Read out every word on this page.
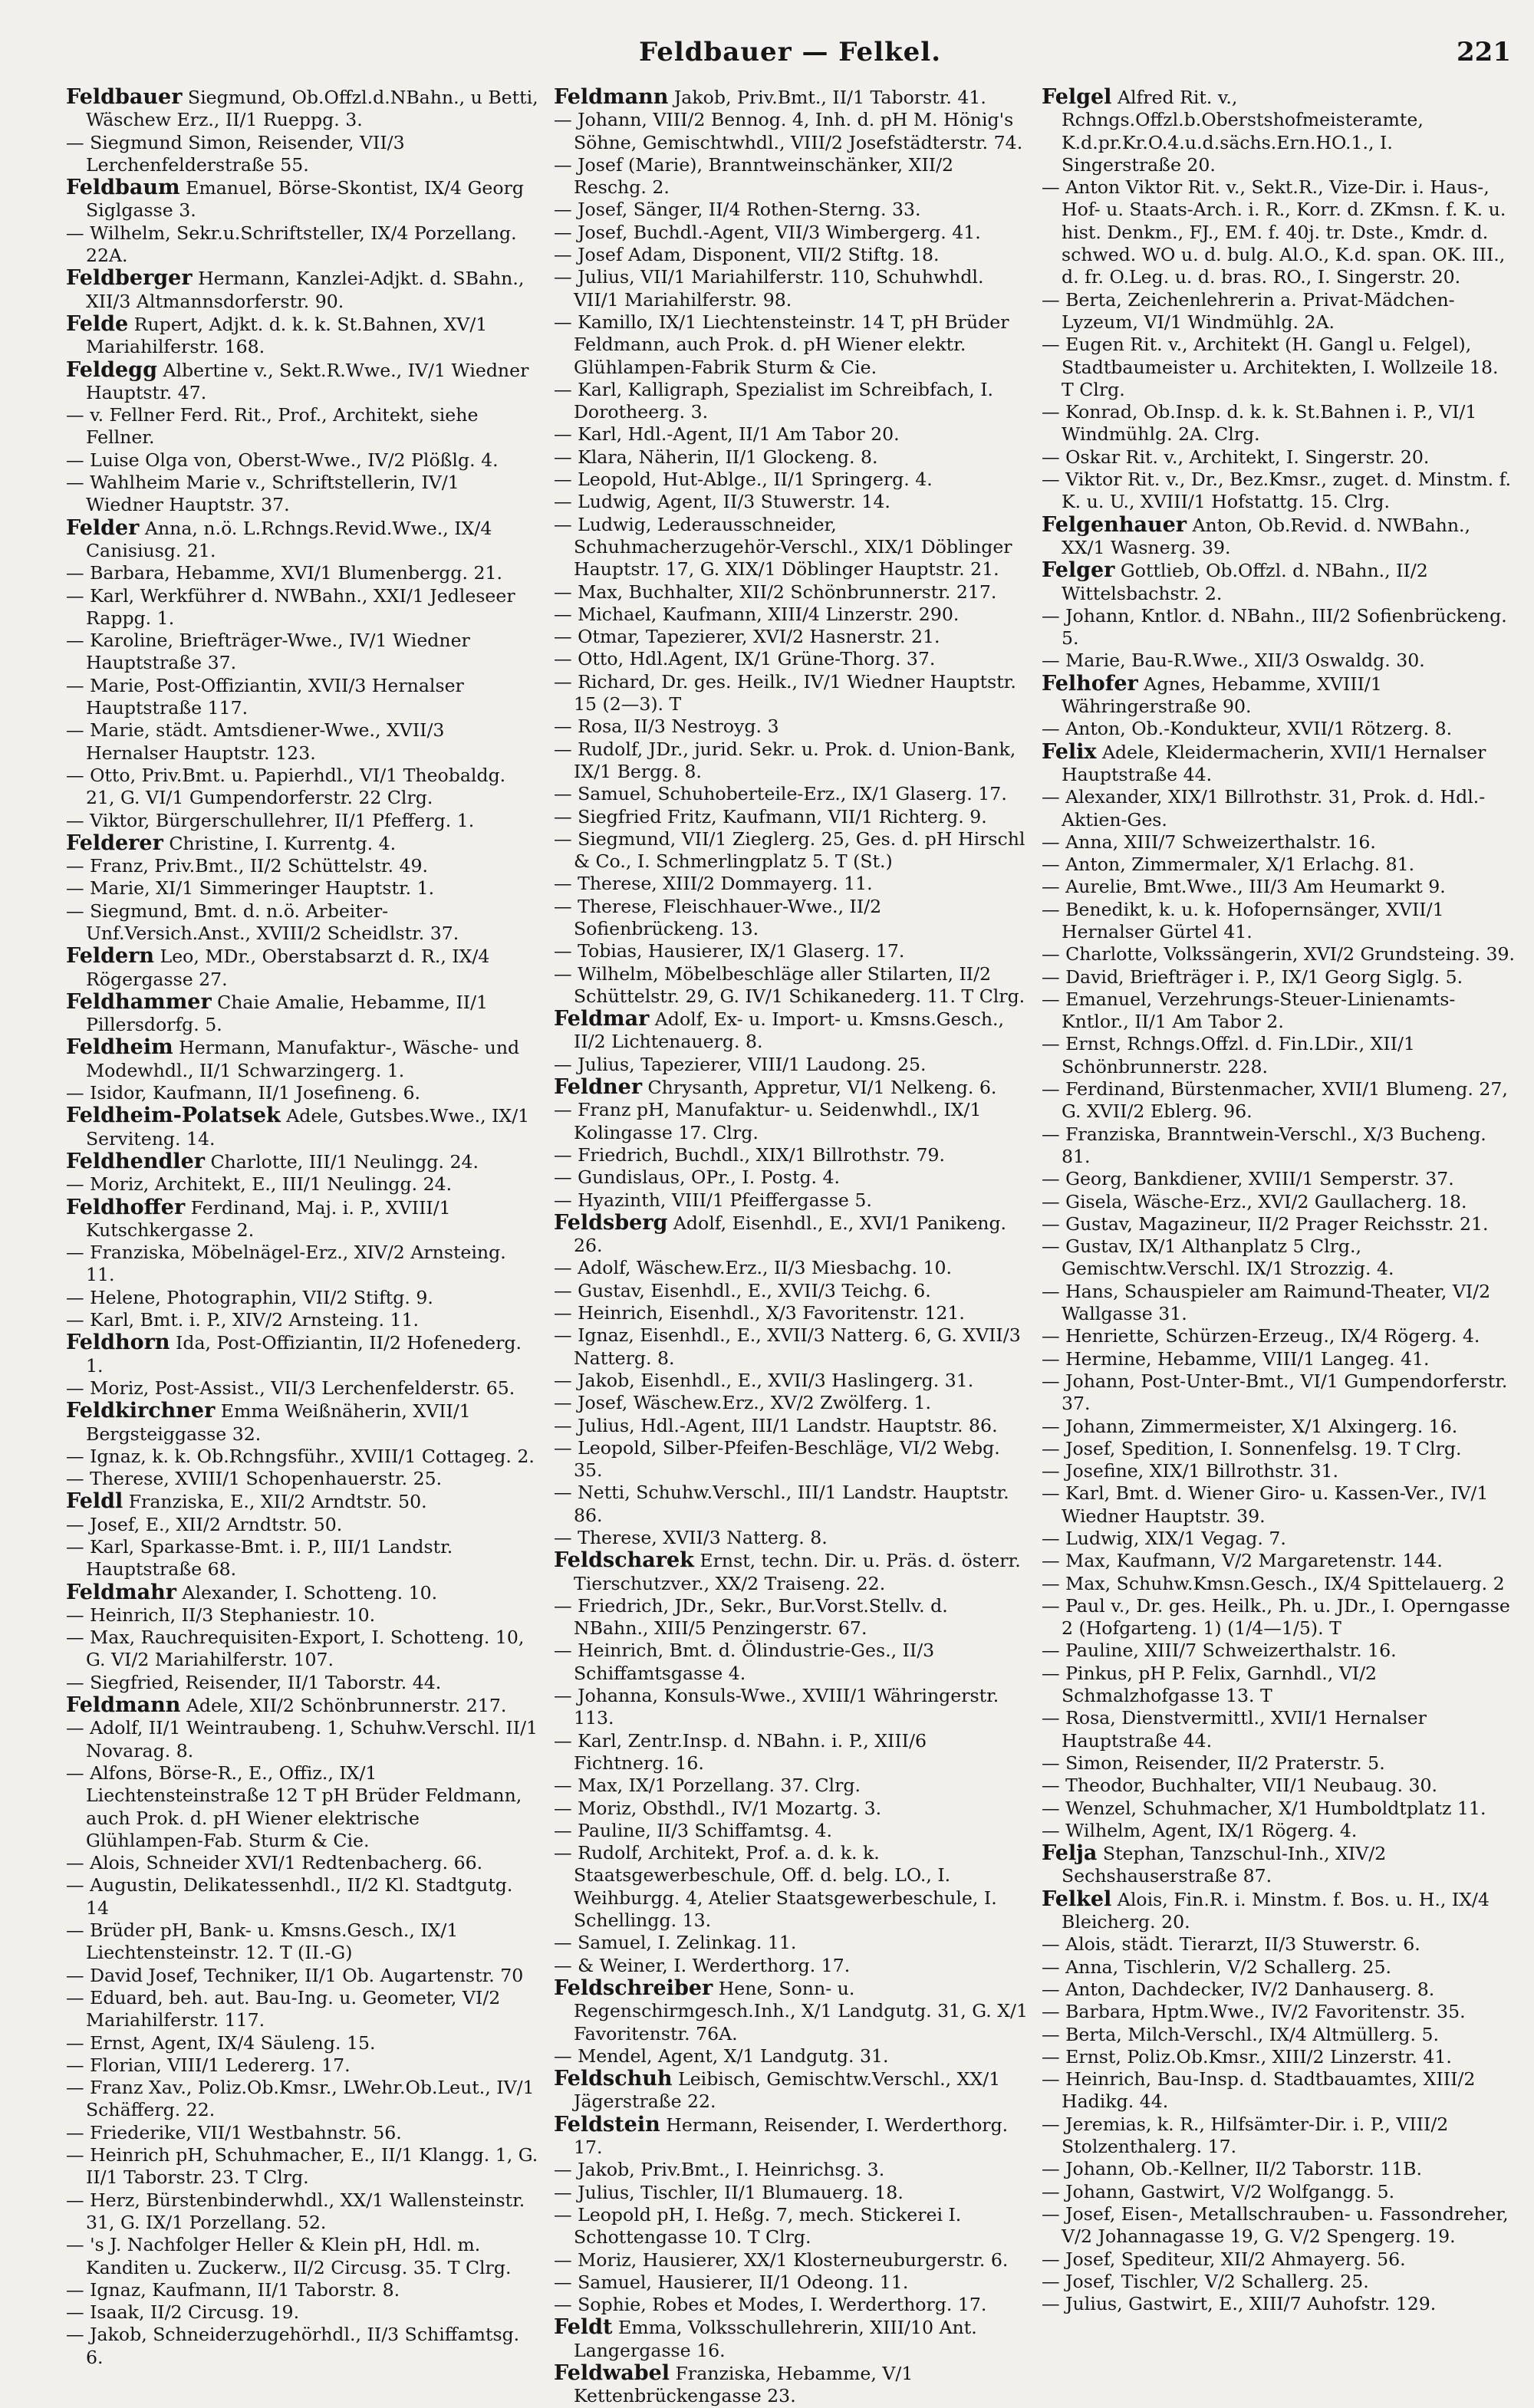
Feldbauer — Felkel.	221

Feldbauer Siegmund, Ob.Offzl.d.NBahn., u Betti, Wäschew Erz., II/1 Rueppg. 3.

— Siegmund Simon, Reisender, VII/3 Lerchenfelderstraße 55.

Feldbaum Emanuel, Börse-Skontist, IX/4 Georg Siglgasse 3.

— Wilhelm, Sekr.u.Schriftsteller, IX/4 Porzellang. 22A.

Feldberger Hermann, Kanzlei-Adjkt. d. SBahn., XII/3 Altmannsdorferstr. 90.

Felde Rupert, Adjkt. d. k. k. St.Bahnen, XV/1 Mariahilferstr. 168.

Feldegg Albertine v., Sekt.R.Wwe., IV/1 Wiedner Hauptstr. 47.

— v. Fellner Ferd. Rit., Prof., Architekt, siehe Fellner.

— Luise Olga von, Oberst-Wwe., IV/2 Plößlg. 4.

— Wahlheim Marie v., Schriftstellerin, IV/1 Wiedner Hauptstr. 37.

Felder Anna, n.ö. L.Rchngs.Revid.Wwe., IX/4 Canisiusg. 21.

— Barbara, Hebamme, XVI/1 Blumenbergg. 21.

— Karl, Werkführer d. NWBahn., XXI/1 Jedleseer Rappg. 1.

— Karoline, Briefträger-Wwe., IV/1 Wiedner Hauptstraße 37.

— Marie, Post-Offiziantin, XVII/3 Hernalser Hauptstraße 117.

— Marie, städt. Amtsdiener-Wwe., XVII/3 Hernalser Hauptstr. 123.

— Otto, Priv.Bmt. u. Papierhdl., VI/1 Theobaldg. 21, G. VI/1 Gumpendorferstr. 22 Clrg.

— Viktor, Bürgerschullehrer, II/1 Pfefferg. 1.

Felderer Christine, I. Kurrentg. 4.

— Franz, Priv.Bmt., II/2 Schüttelstr. 49.

— Marie, XI/1 Simmeringer Hauptstr. 1.

— Siegmund, Bmt. d. n.ö. Arbeiter-Unf.Versich.Anst., XVIII/2 Scheidlstr. 37.

Feldern Leo, MDr., Oberstabsarzt d. R., IX/4 Rögergasse 27.

Feldhammer Chaie Amalie, Hebamme, II/1 Pillersdorfg. 5.

Feldheim Hermann, Manufaktur-, Wäsche- und Modewhdl., II/1 Schwarzingerg. 1.

— Isidor, Kaufmann, II/1 Josefineng. 6.

Feldheim-Polatsek Adele, Gutsbes.Wwe., IX/1 Serviteng. 14.

Feldhendler Charlotte, III/1 Neulingg. 24.

— Moriz, Architekt, E., III/1 Neulingg. 24.

Feldhoffer Ferdinand, Maj. i. P., XVIII/1 Kutschkergasse 2.

— Franziska, Möbelnägel-Erz., XIV/2 Arnsteing. 11.

— Helene, Photographin, VII/2 Stiftg. 9.

— Karl, Bmt. i. P., XIV/2 Arnsteing. 11.

Feldhorn Ida, Post-Offiziantin, II/2 Hofenederg. 1.

— Moriz, Post-Assist., VII/3 Lerchenfelderstr. 65.

Feldkirchner Emma Weißnäherin, XVII/1 Bergsteiggasse 32.

— Ignaz, k. k. Ob.Rchngsführ., XVIII/1 Cottageg. 2.

— Therese, XVIII/1 Schopenhauerstr. 25.

Feldl Franziska, E., XII/2 Arndtstr. 50.

— Josef, E., XII/2 Arndtstr. 50.

— Karl, Sparkasse-Bmt. i. P., III/1 Landstr. Hauptstraße 68.

Feldmahr Alexander, I. Schotteng. 10.

— Heinrich, II/3 Stephaniestr. 10.

— Max, Rauchrequisiten-Export, I. Schotteng. 10, G. VI/2 Mariahilferstr. 107.

— Siegfried, Reisender, II/1 Taborstr. 44.

Feldmann Adele, XII/2 Schönbrunnerstr. 217.

— Adolf, II/1 Weintraubeng. 1, Schuhw.Verschl. II/1 Novarag. 8.

— Alfons, Börse-R., E., Offiz., IX/1 Liechtensteinstraße 12 T pH Brüder Feldmann, auch Prok. d. pH Wiener elektrische Glühlampen-Fab. Sturm & Cie.

— Alois, Schneider XVI/1 Redtenbacherg. 66.

— Augustin, Delikatessenhdl., II/2 Kl. Stadtgutg. 14

— Brüder pH, Bank- u. Kmsns.Gesch., IX/1 Liechtensteinstr. 12. T (II.-G)

— David Josef, Techniker, II/1 Ob. Augartenstr. 70

— Eduard, beh. aut. Bau-Ing. u. Geometer, VI/2 Mariahilferstr. 117.

— Ernst, Agent, IX/4 Säuleng. 15.

— Florian, VIII/1 Ledererg. 17.

— Franz Xav., Poliz.Ob.Kmsr., LWehr.Ob.Leut., IV/1 Schäfferg. 22.

— Friederike, VII/1 Westbahnstr. 56.

— Heinrich pH, Schuhmacher, E., II/1 Klangg. 1, G. II/1 Taborstr. 23. T Clrg.

— Herz, Bürstenbinderwhdl., XX/1 Wallensteinstr. 31, G. IX/1 Porzellang. 52.

— 's J. Nachfolger Heller & Klein pH, Hdl. m. Kanditen u. Zuckerw., II/2 Circusg. 35. T Clrg.

— Ignaz, Kaufmann, II/1 Taborstr. 8.

— Isaak, II/2 Circusg. 19.

— Jakob, Schneiderzugehörhdl., II/3 Schiffamtsg. 6.

Feldmann Jakob, Priv.Bmt., II/1 Taborstr. 41.

— Johann, VIII/2 Bennog. 4, Inh. d. pH M. Hönig's Söhne, Gemischtwhdl., VIII/2 Josefstädterstr. 74.

— Josef (Marie), Branntweinschänker, XII/2 Reschg. 2.

— Josef, Sänger, II/4 Rothen-Sterng. 33.

— Josef, Buchdl.-Agent, VII/3 Wimbergerg. 41.

— Josef Adam, Disponent, VII/2 Stiftg. 18.

— Julius, VII/1 Mariahilferstr. 110, Schuhwhdl. VII/1 Mariahilferstr. 98.

— Kamillo, IX/1 Liechtensteinstr. 14 T, pH Brüder Feldmann, auch Prok. d. pH Wiener elektr. Glühlampen-Fabrik Sturm & Cie.

— Karl, Kalligraph, Spezialist im Schreibfach, I. Dorotheerg. 3.

— Karl, Hdl.-Agent, II/1 Am Tabor 20.

— Klara, Näherin, II/1 Glockeng. 8.

— Leopold, Hut-Ablge., II/1 Springerg. 4.

— Ludwig, Agent, II/3 Stuwerstr. 14.

— Ludwig, Lederausschneider, Schuhmacherzugehör-Verschl., XIX/1 Döblinger Hauptstr. 17, G. XIX/1 Döblinger Hauptstr. 21.

— Max, Buchhalter, XII/2 Schönbrunnerstr. 217.

— Michael, Kaufmann, XIII/4 Linzerstr. 290.

— Otmar, Tapezierer, XVI/2 Hasnerstr. 21.

— Otto, Hdl.Agent, IX/1 Grüne-Thorg. 37.

— Richard, Dr. ges. Heilk., IV/1 Wiedner Hauptstr. 15 (2—3). T

— Rosa, II/3 Nestroyg. 3

— Rudolf, JDr., jurid. Sekr. u. Prok. d. Union-Bank, IX/1 Bergg. 8.

— Samuel, Schuhoberteile-Erz., IX/1 Glaserg. 17.

— Siegfried Fritz, Kaufmann, VII/1 Richterg. 9.

— Siegmund, VII/1 Zieglerg. 25, Ges. d. pH Hirschl & Co., I. Schmerlingplatz 5. T (St.)

— Therese, XIII/2 Dommayerg. 11.

— Therese, Fleischhauer-Wwe., II/2 Sofienbrückeng. 13.

— Tobias, Hausierer, IX/1 Glaserg. 17.

— Wilhelm, Möbelbeschläge aller Stilarten, II/2 Schüttelstr. 29, G. IV/1 Schikanederg. 11. T Clrg.

Feldmar Adolf, Ex- u. Import- u. Kmsns.Gesch., II/2 Lichtenauerg. 8.

— Julius, Tapezierer, VIII/1 Laudong. 25.

Feldner Chrysanth, Appretur, VI/1 Nelkeng. 6.

— Franz pH, Manufaktur- u. Seidenwhdl., IX/1 Kolingasse 17. Clrg.

— Friedrich, Buchdl., XIX/1 Billrothstr. 79.

— Gundislaus, OPr., I. Postg. 4.

— Hyazinth, VIII/1 Pfeiffergasse 5.

Feldsberg Adolf, Eisenhdl., E., XVI/1 Panikeng. 26.

— Adolf, Wäschew.Erz., II/3 Miesbachg. 10.

— Gustav, Eisenhdl., E., XVII/3 Teichg. 6.

— Heinrich, Eisenhdl., X/3 Favoritenstr. 121.

— Ignaz, Eisenhdl., E., XVII/3 Natterg. 6, G. XVII/3 Natterg. 8.

— Jakob, Eisenhdl., E., XVII/3 Haslingerg. 31.

— Josef, Wäschew.Erz., XV/2 Zwölferg. 1.

— Julius, Hdl.-Agent, III/1 Landstr. Hauptstr. 86.

— Leopold, Silber-Pfeifen-Beschläge, VI/2 Webg. 35.

— Netti, Schuhw.Verschl., III/1 Landstr. Hauptstr. 86.

— Therese, XVII/3 Natterg. 8.

Feldscharek Ernst, techn. Dir. u. Präs. d. österr. Tierschutzver., XX/2 Traiseng. 22.

— Friedrich, JDr., Sekr., Bur.Vorst.Stellv. d. NBahn., XIII/5 Penzingerstr. 67.

— Heinrich, Bmt. d. Ölindustrie-Ges., II/3 Schiffamtsgasse 4.

— Johanna, Konsuls-Wwe., XVIII/1 Währingerstr. 113.

— Karl, Zentr.Insp. d. NBahn. i. P., XIII/6 Fichtnerg. 16.

— Max, IX/1 Porzellang. 37. Clrg.

— Moriz, Obsthdl., IV/1 Mozartg. 3.

— Pauline, II/3 Schiffamtsg. 4.

— Rudolf, Architekt, Prof. a. d. k. k. Staatsgewerbeschule, Off. d. belg. LO., I. Weihburgg. 4, Atelier Staatsgewerbeschule, I. Schellingg. 13.

— Samuel, I. Zelinkag. 11.

— & Weiner, I. Werderthorg. 17.

Feldschreiber Hene, Sonn- u. Regenschirmgesch.Inh., X/1 Landgutg. 31, G. X/1 Favoritenstr. 76A.

— Mendel, Agent, X/1 Landgutg. 31.

Feldschuh Leibisch, Gemischtw.Verschl., XX/1 Jägerstraße 22.

Feldstein Hermann, Reisender, I. Werderthorg. 17.

— Jakob, Priv.Bmt., I. Heinrichsg. 3.

— Julius, Tischler, II/1 Blumauerg. 18.

— Leopold pH, I. Heßg. 7, mech. Stickerei I. Schottengasse 10. T Clrg.

— Moriz, Hausierer, XX/1 Klosterneuburgerstr. 6.

— Samuel, Hausierer, II/1 Odeong. 11.

— Sophie, Robes et Modes, I. Werderthorg. 17.

Feldt Emma, Volksschullehrerin, XIII/10 Ant. Langergasse 16.

Feldwabel Franziska, Hebamme, V/1 Kettenbrückengasse 23.

Felgel Alfred Rit. v., Rchngs.Offzl.b.Oberstshofmeisteramte, K.d.pr.Kr.O.4.u.d.sächs.Ern.HO.1., I. Singerstraße 20.

— Anton Viktor Rit. v., Sekt.R., Vize-Dir. i. Haus-, Hof- u. Staats-Arch. i. R., Korr. d. ZKmsn. f. K. u. hist. Denkm., FJ., EM. f. 40j. tr. Dste., Kmdr. d. schwed. WO u. d. bulg. Al.O., K.d. span. OK. III., d. fr. O.Leg. u. d. bras. RO., I. Singerstr. 20.

— Berta, Zeichenlehrerin a. Privat-Mädchen-Lyzeum, VI/1 Windmühlg. 2A.

— Eugen Rit. v., Architekt (H. Gangl u. Felgel), Stadtbaumeister u. Architekten, I. Wollzeile 18. T Clrg.

— Konrad, Ob.Insp. d. k. k. St.Bahnen i. P., VI/1 Windmühlg. 2A. Clrg.

— Oskar Rit. v., Architekt, I. Singerstr. 20.

— Viktor Rit. v., Dr., Bez.Kmsr., zuget. d. Minstm. f. K. u. U., XVIII/1 Hofstattg. 15. Clrg.

Felgenhauer Anton, Ob.Revid. d. NWBahn., XX/1 Wasnerg. 39.

Felger Gottlieb, Ob.Offzl. d. NBahn., II/2 Wittelsbachstr. 2.

— Johann, Kntlor. d. NBahn., III/2 Sofienbrückeng. 5.

— Marie, Bau-R.Wwe., XII/3 Oswaldg. 30.

Felhofer Agnes, Hebamme, XVIII/1 Währingerstraße 90.

— Anton, Ob.-Kondukteur, XVII/1 Rötzerg. 8.

Felix Adele, Kleidermacherin, XVII/1 Hernalser Hauptstraße 44.

— Alexander, XIX/1 Billrothstr. 31, Prok. d. Hdl.-Aktien-Ges.

— Anna, XIII/7 Schweizerthalstr. 16.

— Anton, Zimmermaler, X/1 Erlachg. 81.

— Aurelie, Bmt.Wwe., III/3 Am Heumarkt 9.

— Benedikt, k. u. k. Hofopernsänger, XVII/1 Hernalser Gürtel 41.

— Charlotte, Volkssängerin, XVI/2 Grundsteing. 39.

— David, Briefträger i. P., IX/1 Georg Siglg. 5.

— Emanuel, Verzehrungs-Steuer-Linienamts-Kntlor., II/1 Am Tabor 2.

— Ernst, Rchngs.Offzl. d. Fin.LDir., XII/1 Schönbrunnerstr. 228.

— Ferdinand, Bürstenmacher, XVII/1 Blumeng. 27, G. XVII/2 Eblerg. 96.

— Franziska, Branntwein-Verschl., X/3 Bucheng. 81.

— Georg, Bankdiener, XVIII/1 Semperstr. 37.

— Gisela, Wäsche-Erz., XVI/2 Gaullacherg. 18.

— Gustav, Magazineur, II/2 Prager Reichsstr. 21.

— Gustav, IX/1 Althanplatz 5 Clrg., Gemischtw.Verschl. IX/1 Strozzig. 4.

— Hans, Schauspieler am Raimund-Theater, VI/2 Wallgasse 31.

— Henriette, Schürzen-Erzeug., IX/4 Rögerg. 4.

— Hermine, Hebamme, VIII/1 Langeg. 41.

— Johann, Post-Unter-Bmt., VI/1 Gumpendorferstr. 37.

— Johann, Zimmermeister, X/1 Alxingerg. 16.

— Josef, Spedition, I. Sonnenfelsg. 19. T Clrg.

— Josefine, XIX/1 Billrothstr. 31.

— Karl, Bmt. d. Wiener Giro- u. Kassen-Ver., IV/1 Wiedner Hauptstr. 39.

— Ludwig, XIX/1 Vegag. 7.

— Max, Kaufmann, V/2 Margaretenstr. 144.

— Max, Schuhw.Kmsn.Gesch., IX/4 Spittelauerg. 2

— Paul v., Dr. ges. Heilk., Ph. u. JDr., I. Operngasse 2 (Hofgarteng. 1) (1/4—1/5). T

— Pauline, XIII/7 Schweizerthalstr. 16.

— Pinkus, pH P. Felix, Garnhdl., VI/2 Schmalzhofgasse 13. T

— Rosa, Dienstvermittl., XVII/1 Hernalser Hauptstraße 44.

— Simon, Reisender, II/2 Praterstr. 5.

— Theodor, Buchhalter, VII/1 Neubaug. 30.

— Wenzel, Schuhmacher, X/1 Humboldtplatz 11.

— Wilhelm, Agent, IX/1 Rögerg. 4.

Felja Stephan, Tanzschul-Inh., XIV/2 Sechshauserstraße 87.

Felkel Alois, Fin.R. i. Minstm. f. Bos. u. H., IX/4 Bleicherg. 20.

— Alois, städt. Tierarzt, II/3 Stuwerstr. 6.

— Anna, Tischlerin, V/2 Schallerg. 25.

— Anton, Dachdecker, IV/2 Danhauserg. 8.

— Barbara, Hptm.Wwe., IV/2 Favoritenstr. 35.

— Berta, Milch-Verschl., IX/4 Altmüllerg. 5.

— Ernst, Poliz.Ob.Kmsr., XIII/2 Linzerstr. 41.

— Heinrich, Bau-Insp. d. Stadtbauamtes, XIII/2 Hadikg. 44.

— Jeremias, k. R., Hilfsämter-Dir. i. P., VIII/2 Stolzenthalerg. 17.

— Johann, Ob.-Kellner, II/2 Taborstr. 11B.

— Johann, Gastwirt, V/2 Wolfgangg. 5.

— Josef, Eisen-, Metallschrauben- u. Fassondreher, V/2 Johannagasse 19, G. V/2 Spengerg. 19.

— Josef, Spediteur, XII/2 Ahmayerg. 56.

— Josef, Tischler, V/2 Schallerg. 25.

— Julius, Gastwirt, E., XIII/7 Auhofstr. 129.
